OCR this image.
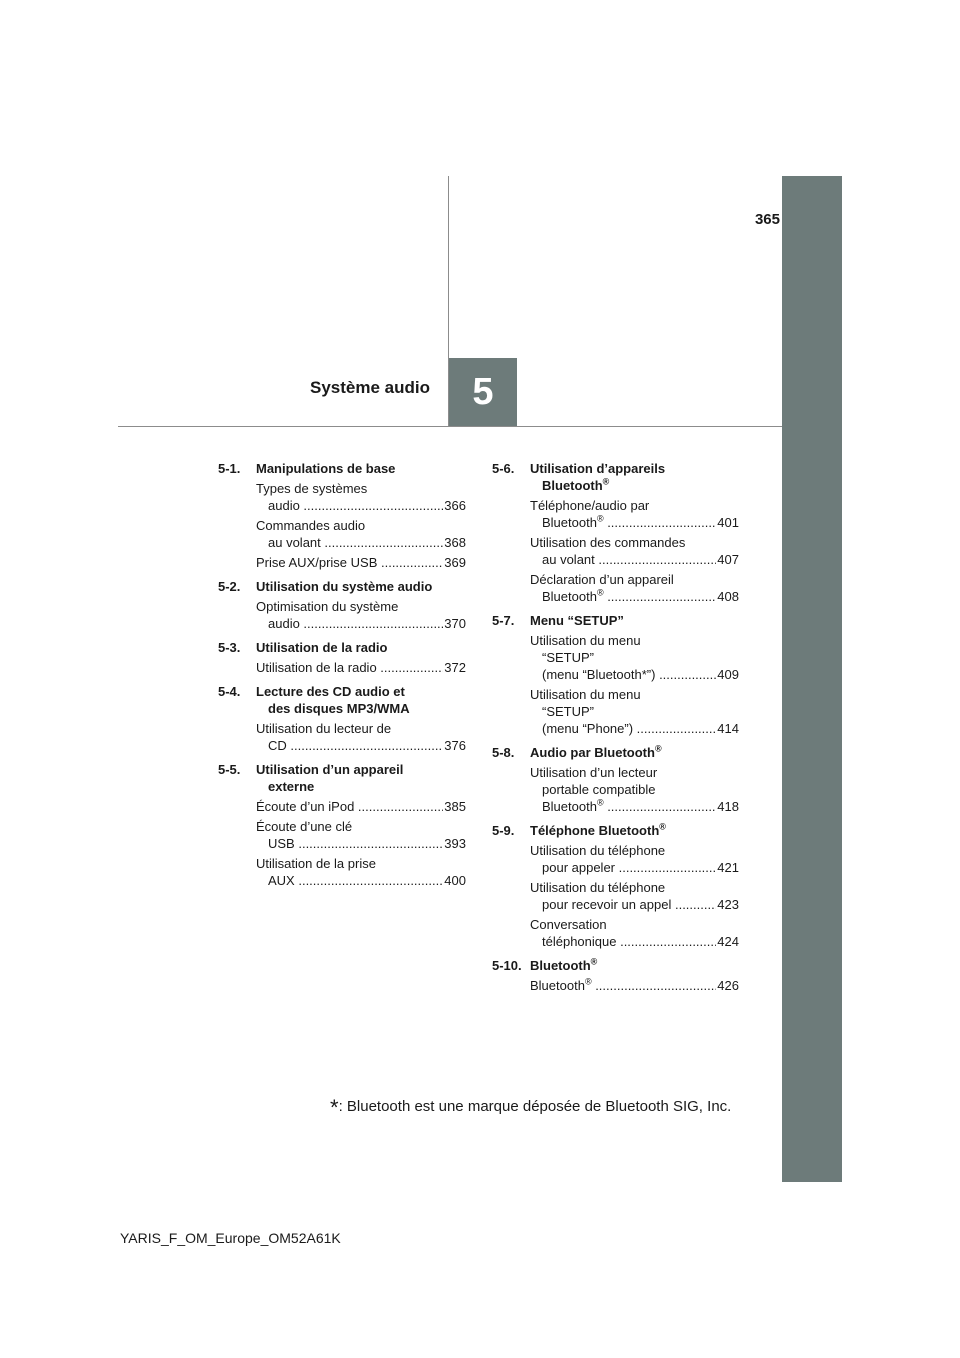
365
5
Système audio
5-1.	Manipulations de base
Types de systèmes
audio .....	366
Commandes audio
au volant .....	368
Prise AUX/prise USB .....	369
5-2.	Utilisation du système audio
Optimisation du système
audio .....	370
5-3.	Utilisation de la radio
Utilisation de la radio .....	372
5-4.	Lecture des CD audio et
des disques MP3/WMA
Utilisation du lecteur de
CD .....	376
5-5.	Utilisation d’un appareil
externe
Écoute d’un iPod .....	385
Écoute d’une clé
USB .....	393
Utilisation de la prise
AUX .....	400
5-6.	Utilisation d’appareils
Bluetooth®
Téléphone/audio par
Bluetooth® .....	401
Utilisation des commandes
au volant .....	407
Déclaration d’un appareil
Bluetooth® .....	408
5-7.	Menu “SETUP”
Utilisation du menu
“SETUP”
(menu “Bluetooth*”) .....	409
Utilisation du menu
“SETUP”
(menu “Phone”) .....	414
5-8.	Audio par Bluetooth®
Utilisation d’un lecteur
portable compatible
Bluetooth® .....	418
5-9.	Téléphone Bluetooth®
Utilisation du téléphone
pour appeler .....	421
Utilisation du téléphone
pour recevoir un appel .....	423
Conversation
téléphonique .....	424
5-10. Bluetooth®
Bluetooth® .....	426
*: Bluetooth est une marque déposée de Bluetooth SIG, Inc.
YARIS_F_OM_Europe_OM52A61K
